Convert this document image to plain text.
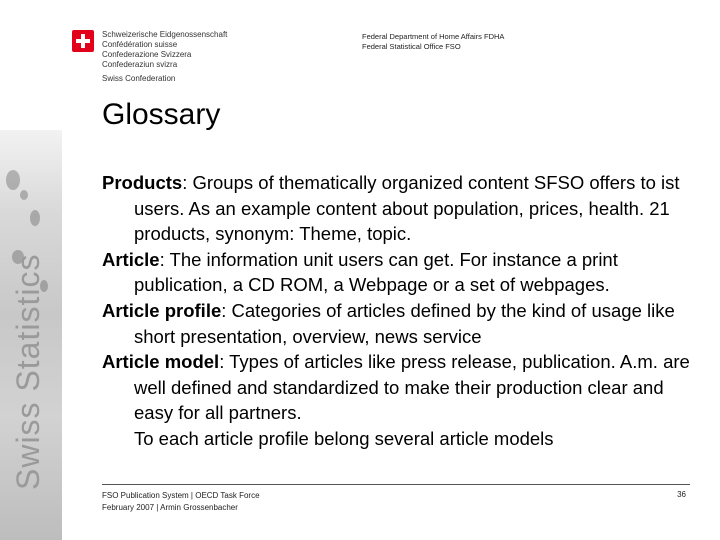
Swiss Statistics
Schweizerische Eidgenossenschaft
Confédération suisse
Confederazione Svizzera
Confederaziun svizra
Swiss Confederation
Federal Department of Home Affairs FDHA
Federal Statistical Office FSO
Glossary
Products: Groups of thematically organized content SFSO offers to ist users. As an example content about population, prices, health. 21 products, synonym: Theme, topic.
Article: The information unit users can get. For instance a print publication, a CD ROM, a Webpage or a set of webpages.
Article profile: Categories of articles defined by the kind of usage like short presentation, overview, news service
Article model: Types of articles like press release, publication. A.m. are well defined and standardized to make their production clear and easy for all partners.
To each article profile belong several article models
FSO Publication System | OECD Task Force
February 2007 | Armin Grossenbacher
36
